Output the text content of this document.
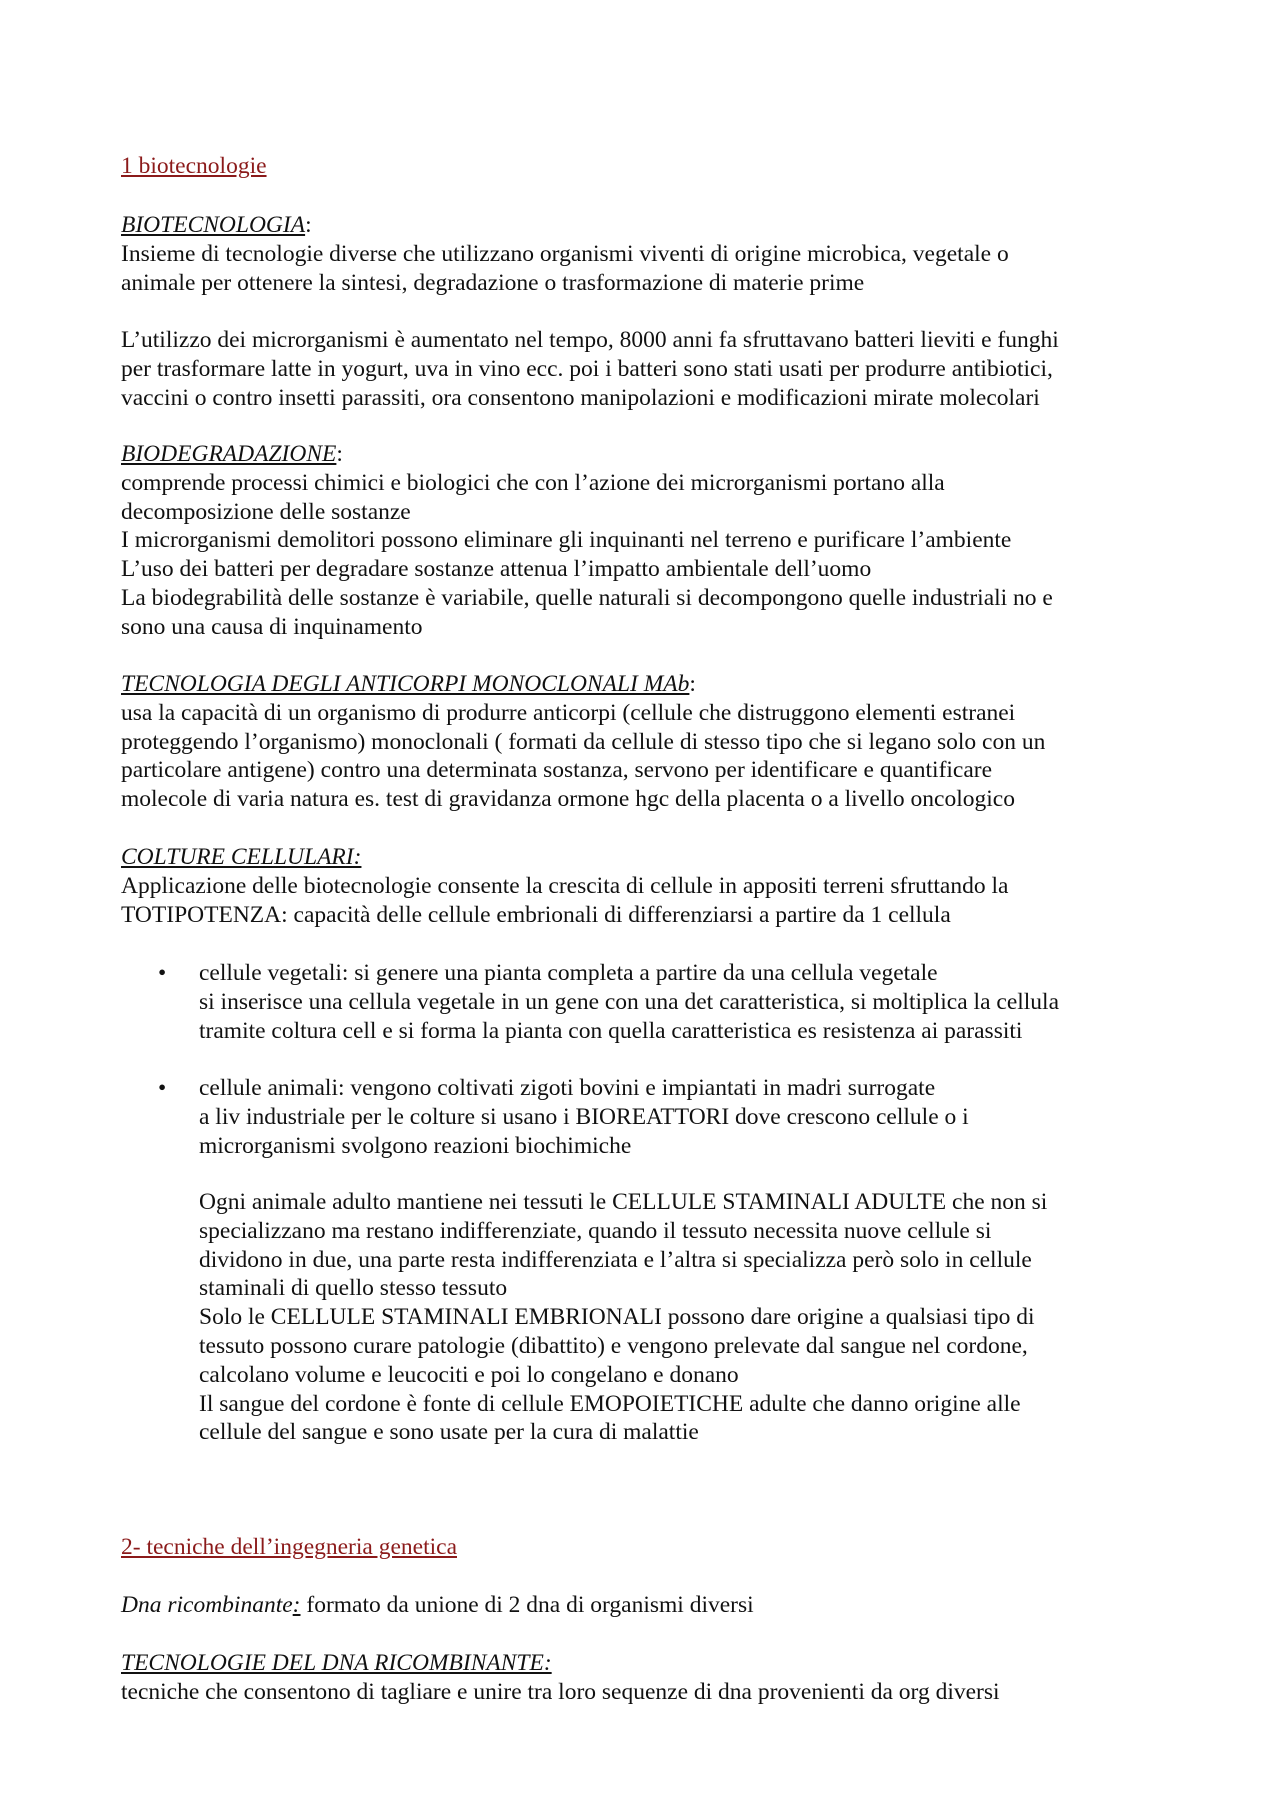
1 biotecnologie
BIOTECNOLOGIA:
Insieme di tecnologie diverse che utilizzano organismi viventi di origine microbica, vegetale o
animale per ottenere la sintesi, degradazione o trasformazione di materie prime
L’utilizzo dei microrganismi è aumentato nel tempo, 8000 anni fa sfruttavano batteri lieviti e funghi
per trasformare latte in yogurt, uva in vino ecc. poi i batteri sono stati usati per produrre antibiotici,
vaccini o contro insetti parassiti, ora consentono manipolazioni e modificazioni mirate molecolari
BIODEGRADAZIONE:
comprende processi chimici e biologici che con l’azione dei microrganismi portano alla
decomposizione delle sostanze
I microrganismi demolitori possono eliminare gli inquinanti nel terreno e purificare l’ambiente
L’uso dei batteri per degradare sostanze attenua l’impatto ambientale dell’uomo
La biodegrabilità delle sostanze è variabile, quelle naturali si decompongono quelle industriali no e
sono una causa di inquinamento
TECNOLOGIA DEGLI ANTICORPI MONOCLONALI MAb:
usa la capacità di un organismo di produrre anticorpi (cellule che distruggono elementi estranei
proteggendo l’organismo) monoclonali ( formati da cellule di stesso tipo che si legano solo con un
particolare antigene) contro una determinata sostanza, servono per identificare e quantificare
molecole di varia natura es. test di gravidanza ormone hgc della placenta o a livello oncologico
COLTURE CELLULARI:
Applicazione delle biotecnologie consente la crescita di cellule in appositi terreni sfruttando la
TOTIPOTENZA: capacità delle cellule embrionali di differenziarsi a partire da 1 cellula
• cellule vegetali: si genere una pianta completa a partire da una cellula vegetale
si inserisce una cellula vegetale in un gene con una det caratteristica, si moltiplica la cellula
tramite coltura cell e si forma la pianta con quella caratteristica es resistenza ai parassiti
• cellule animali: vengono coltivati zigoti bovini e impiantati in madri surrogate
a liv industriale per le colture si usano i BIOREATTORI dove crescono cellule o i
microrganismi svolgono reazioni biochimiche
Ogni animale adulto mantiene nei tessuti le CELLULE STAMINALI ADULTE che non si
specializzano ma restano indifferenziate, quando il tessuto necessita nuove cellule si
dividono in due, una parte resta indifferenziata e l’altra si specializza però solo in cellule
staminali di quello stesso tessuto
Solo le CELLULE STAMINALI EMBRIONALI possono dare origine a qualsiasi tipo di
tessuto possono curare patologie (dibattito) e vengono prelevate dal sangue nel cordone,
calcolano volume e leucociti e poi lo congelano e donano
Il sangue del cordone è fonte di cellule EMOPOIETICHE adulte che danno origine alle
cellule del sangue e sono usate per la cura di malattie
2- tecniche dell’ingegneria genetica
Dna ricombinante: formato da unione di 2 dna di organismi diversi
TECNOLOGIE DEL DNA RICOMBINANTE:
tecniche che consentono di tagliare e unire tra loro sequenze di dna provenienti da org diversi
